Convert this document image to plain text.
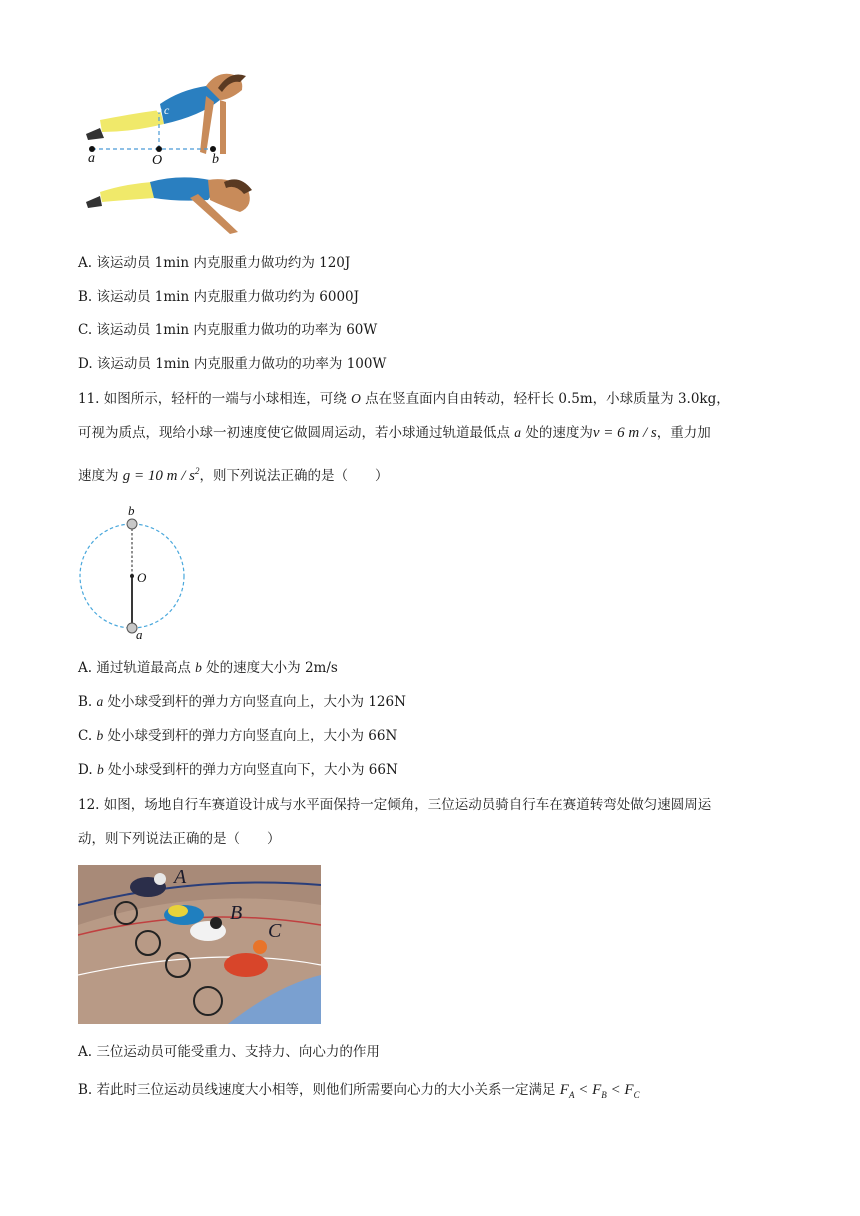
c
a	O	b
A. 该运动员 1min 内克服重力做功约为 120J
B. 该运动员 1min 内克服重力做功约为 6000J
C. 该运动员 1min 内克服重力做功的功率为 60W
D. 该运动员 1min 内克服重力做功的功率为 100W
11. 如图所示，轻杆的一端与小球相连，可绕 O 点在竖直面内自由转动，轻杆长 0.5m，小球质量为 3.0kg，
可视为质点，现给小球一初速度使它做圆周运动，若小球通过轨道最低点 a 处的速度为v = 6 m / s，重力加
速度为 g = 10 m / $s^2$，则下列说法正确的是（　　）
b
O
a
A. 通过轨道最高点 b 处的速度大小为 2m/s
B. a 处小球受到杆的弹力方向竖直向上，大小为 126N
C. b 处小球受到杆的弹力方向竖直向上，大小为 66N
D. b 处小球受到杆的弹力方向竖直向下，大小为 66N
12. 如图，场地自行车赛道设计成与水平面保持一定倾角，三位运动员骑自行车在赛道转弯处做匀速圆周运
动，则下列说法正确的是（　　）
A
B
C
A. 三位运动员可能受重力、支持力、向心力的作用
B. 若此时三位运动员线速度大小相等，则他们所需要向心力的大小关系一定满足 $F_A < F_B < F_C$
